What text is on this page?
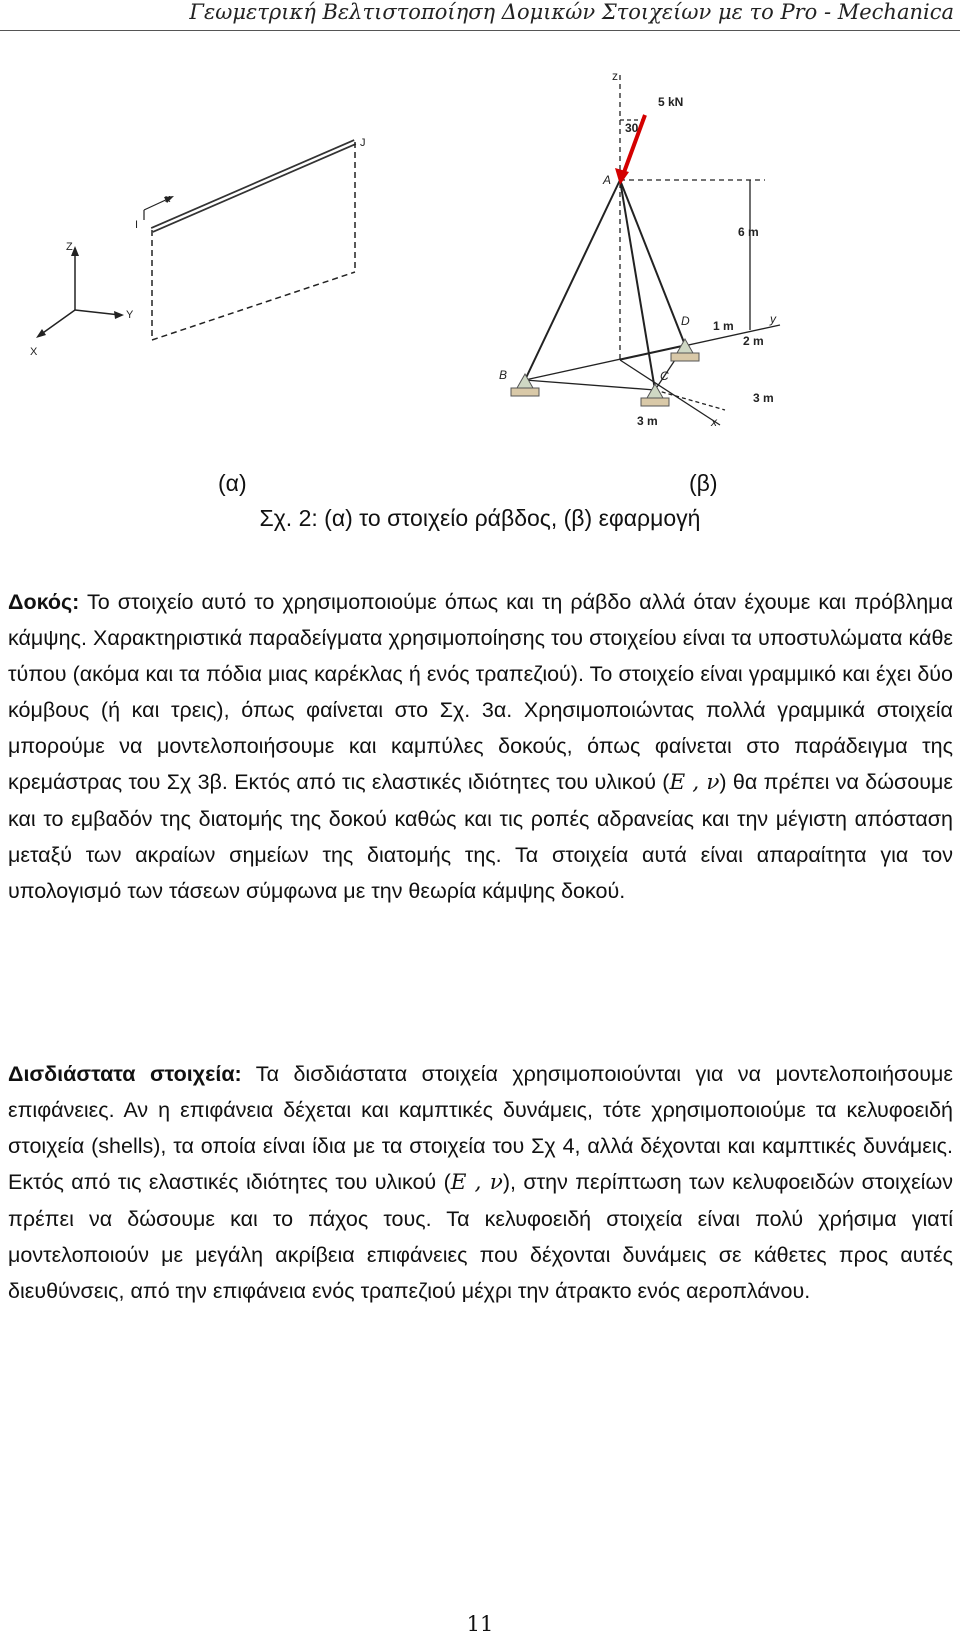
Γεωμετρική Βελτιστοποίηση Δομικών Στοιχείων με το Pro - Mechanica
I
J
x
Z
Y
X
z
5 kN
30
A
6 m
D 1 m	y
2 m
B	C
3 m
x
3 m
(α)	(β)
Σχ. 2: (α) το στοιχείο ράβδος, (β) εφαρμογή

Δοκός: Το στοιχείο αυτό το χρησιμοποιούμε όπως και τη ράβδο αλλά όταν έχουμε και πρόβλημα κάμψης. Χαρακτηριστικά παραδείγματα χρησιμοποίησης του στοιχείου είναι τα υποστυλώματα κάθε τύπου (ακόμα και τα πόδια μιας καρέκλας ή ενός τραπεζιού). Το στοιχείο είναι γραμμικό και έχει δύο κόμβους (ή και τρεις), όπως φαίνεται στο Σχ. 3α. Χρησιμοποιώντας πολλά γραμμικά στοιχεία μπορούμε να μοντελοποιήσουμε και καμπύλες δοκούς, όπως φαίνεται στο παράδειγμα της κρεμάστρας του Σχ 3β. Εκτός από τις ελαστικές ιδιότητες του υλικού (E , ν) θα πρέπει να δώσουμε και το εμβαδόν της διατομής της δοκού καθώς και τις ροπές αδρανείας και την μέγιστη απόσταση μεταξύ των ακραίων σημείων της διατομής της. Τα στοιχεία αυτά είναι απαραίτητα για τον υπολογισμό των τάσεων σύμφωνα με την θεωρία κάμψης δοκού.

Δισδιάστατα στοιχεία: Τα δισδιάστατα στοιχεία χρησιμοποιούνται για να μοντελοποιήσουμε επιφάνειες. Αν η επιφάνεια δέχεται και καμπτικές δυνάμεις, τότε χρησιμοποιούμε τα κελυφοειδή στοιχεία (shells), τα οποία είναι ίδια με τα στοιχεία του Σχ 4, αλλά δέχονται και καμπτικές δυνάμεις. Εκτός από τις ελαστικές ιδιότητες του υλικού (E , ν), στην περίπτωση των κελυφοειδών στοιχείων πρέπει να δώσουμε και το πάχος τους. Τα κελυφοειδή στοιχεία είναι πολύ χρήσιμα γιατί μοντελοποιούν με μεγάλη ακρίβεια επιφάνειες που δέχονται δυνάμεις σε κάθετες προς αυτές διευθύνσεις, από την επιφάνεια ενός τραπεζιού μέχρι την άτρακτο ενός αεροπλάνου.

11
